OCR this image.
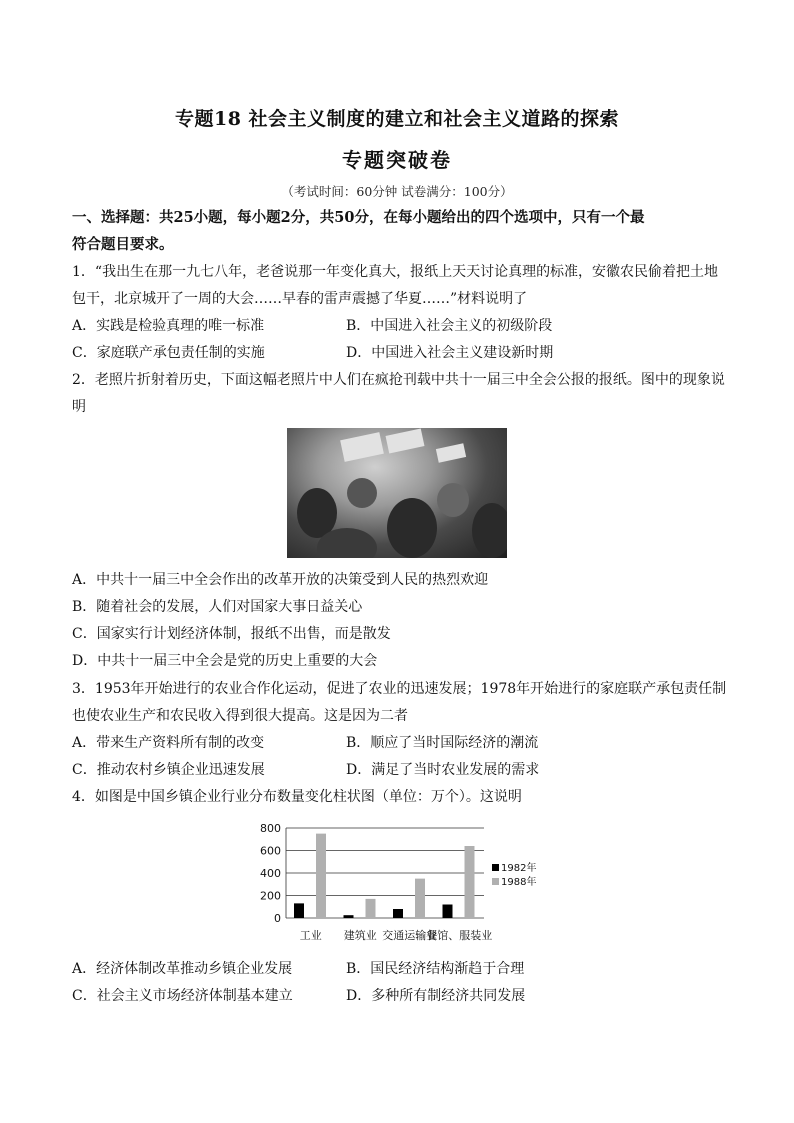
专题18 社会主义制度的建立和社会主义道路的探索
专题突破卷
（考试时间：60分钟 试卷满分：100分）
一、选择题：共25小题，每小题2分，共50分，在每小题给出的四个选项中，只有一个最
符合题目要求。
1．“我出生在那一九七八年，老爸说那一年变化真大，报纸上天天讨论真理的标准，安徽农民偷着把土地
包干，北京城开了一周的大会……早春的雷声震撼了华夏……”材料说明了
A．实践是检验真理的唯一标准	B．中国进入社会主义的初级阶段
C．家庭联产承包责任制的实施	D．中国进入社会主义建设新时期
2．老照片折射着历史，下面这幅老照片中人们在疯抢刊载中共十一届三中全会公报的报纸。图中的现象说
明
A．中共十一届三中全会作出的改革开放的决策受到人民的热烈欢迎
B．随着社会的发展，人们对国家大事日益关心
C．国家实行计划经济体制，报纸不出售，而是散发
D．中共十一届三中全会是党的历史上重要的大会
3．1953年开始进行的农业合作化运动，促进了农业的迅速发展；1978年开始进行的家庭联产承包责任制
也使农业生产和农民收入得到很大提高。这是因为二者
A．带来生产资料所有制的改变	B．顺应了当时国际经济的潮流
C．推动农村乡镇企业迅速发展	D．满足了当时农业发展的需求
4．如图是中国乡镇企业行业分布数量变化柱状图（单位：万个）。这说明
0
200
400
600
800
工业 建筑业 交通运输业
餐馆、服装业
1982年
1988年
A．经济体制改革推动乡镇企业发展	B．国民经济结构渐趋于合理
C．社会主义市场经济体制基本建立	D．多种所有制经济共同发展
